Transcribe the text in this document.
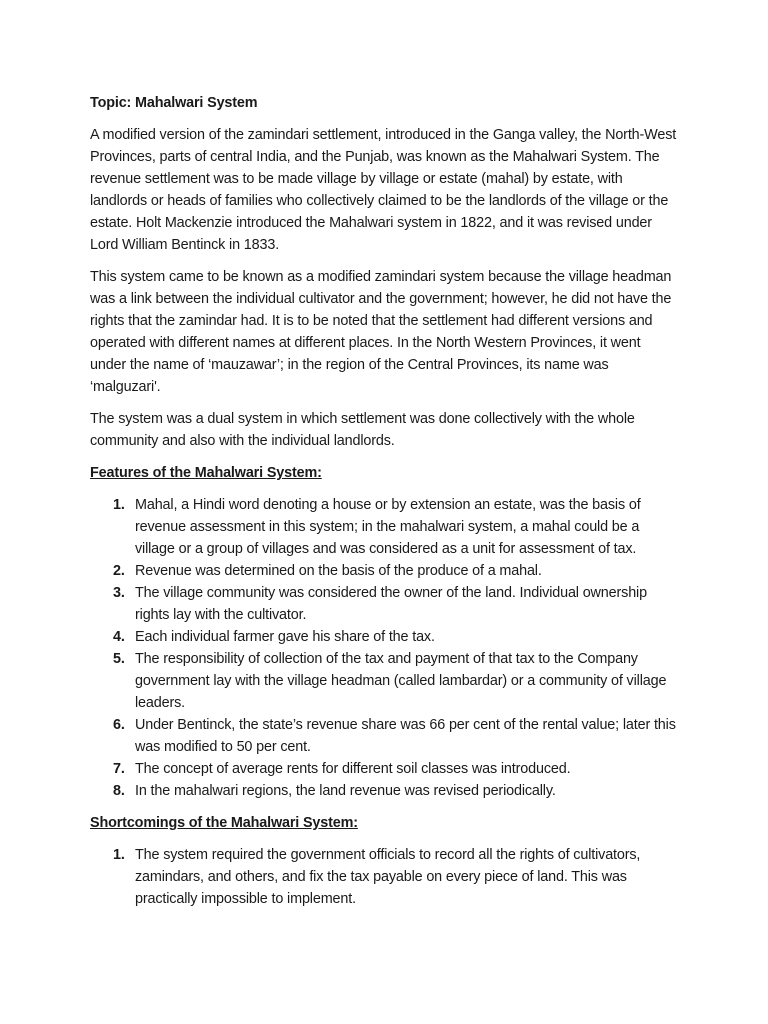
Topic: Mahalwari System

A modified version of the zamindari settlement, introduced in the Ganga valley, the North-West Provinces, parts of central India, and the Punjab, was known as the Mahalwari System. The revenue settlement was to be made village by village or estate (mahal) by estate, with landlords or heads of families who collectively claimed to be the landlords of the village or the estate. Holt Mackenzie introduced the Mahalwari system in 1822, and it was revised under Lord William Bentinck in 1833.

This system came to be known as a modified zamindari system because the village headman was a link between the individual cultivator and the government; however, he did not have the rights that the zamindar had. It is to be noted that the settlement had different versions and operated with different names at different places. In the North Western Provinces, it went under the name of ‘mauzawar’; in the region of the Central Provinces, its name was ‘malguzari'.

The system was a dual system in which settlement was done collectively with the whole community and also with the individual landlords.

Features of the Mahalwari System:
1. Mahal, a Hindi word denoting a house or by extension an estate, was the basis of revenue assessment in this system; in the mahalwari system, a mahal could be a village or a group of villages and was considered as a unit for assessment of tax.
2. Revenue was determined on the basis of the produce of a mahal.
3. The village community was considered the owner of the land. Individual ownership rights lay with the cultivator.
4. Each individual farmer gave his share of the tax.
5. The responsibility of collection of the tax and payment of that tax to the Company government lay with the village headman (called lambardar) or a community of village leaders.
6. Under Bentinck, the state’s revenue share was 66 per cent of the rental value; later this was modified to 50 per cent.
7. The concept of average rents for different soil classes was introduced.
8. In the mahalwari regions, the land revenue was revised periodically.
Shortcomings of the Mahalwari System:
1. The system required the government officials to record all the rights of cultivators, zamindars, and others, and fix the tax payable on every piece of land. This was practically impossible to implement.
